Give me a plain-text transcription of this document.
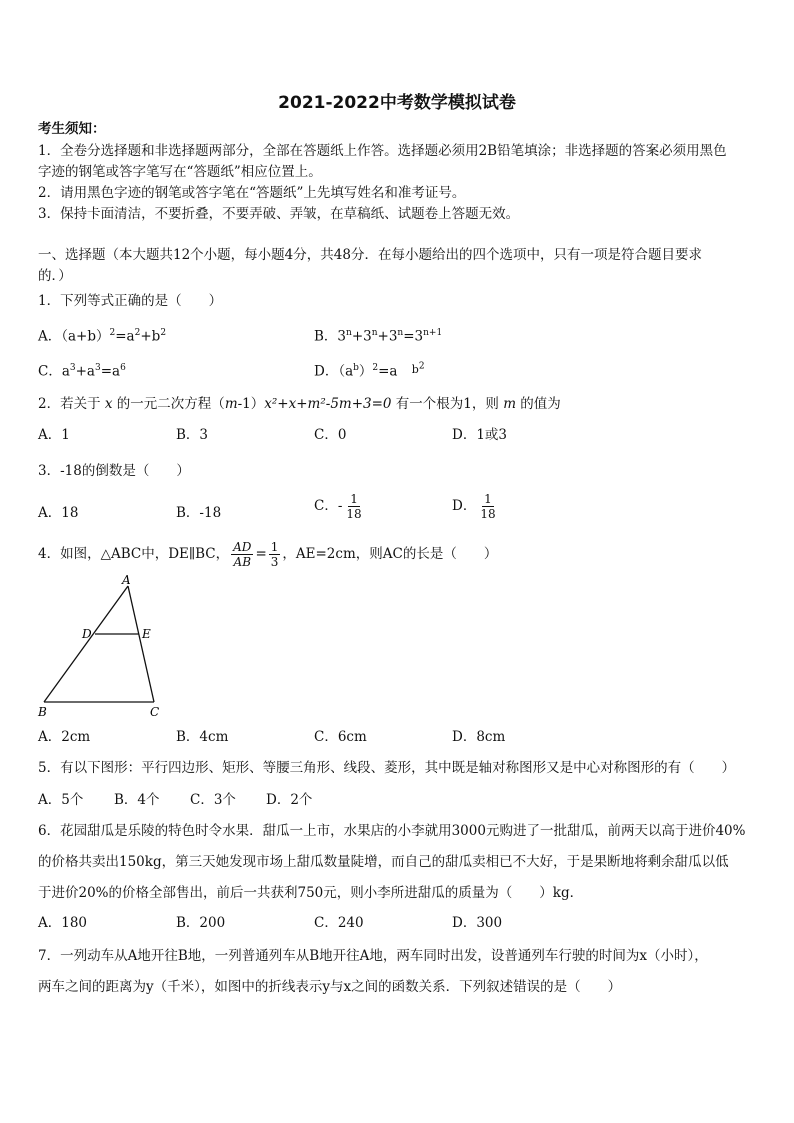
2021-2022中考数学模拟试卷
考生须知：
1．全卷分选择题和非选择题两部分，全部在答题纸上作答。选择题必须用2B铅笔填涂；非选择题的答案必须用黑色
字迹的钢笔或答字笔写在“答题纸”相应位置上。
2．请用黑色字迹的钢笔或答字笔在“答题纸”上先填写姓名和准考证号。
3．保持卡面清洁，不要折叠，不要弄破、弄皱，在草稿纸、试题卷上答题无效。
一、选择题（本大题共12个小题，每小题4分，共48分．在每小题给出的四个选项中，只有一项是符合题目要求
的．）
1．下列等式正确的是（　　）
A．$(a+b)^2=a^2+b^2$	B．$3^n+3^n+3^n=3^{n+1}$
C．$a^3+a^3=a^6$	D．$(a^b)^2=a$ $^{b^2}$
2．若关于 x 的一元二次方程（m-1）x²+x+m²-5m+3=0 有一个根为1，则 m 的值为
A．1	B．3	C．0	D．1或3
3．-18的倒数是（　　）
A．18	B．-18	C．- $\frac{1}{18}$	D． $\frac{1}{18}$
4．如图，△ABC中，DE∥BC， $\frac{AD}{AB} = \frac{1}{3}$ ，AE=2cm，则AC的长是（　　）
A
D	E
B	C
A．2cm	B．4cm	C．6cm	D．8cm
5．有以下图形：平行四边形、矩形、等腰三角形、线段、菱形，其中既是轴对称图形又是中心对称图形的有（　　）
A．5个 B．4个 C．3个 D．2个
6．花园甜瓜是乐陵的特色时令水果．甜瓜一上市，水果店的小李就用3000元购进了一批甜瓜，前两天以高于进价40%
的价格共卖出150kg，第三天她发现市场上甜瓜数量陡增，而自己的甜瓜卖相已不大好，于是果断地将剩余甜瓜以低
于进价20%的价格全部售出，前后一共获利750元，则小李所进甜瓜的质量为（　　）kg．
A．180	B．200	C．240	D．300
7．一列动车从A地开往B地，一列普通列车从B地开往A地，两车同时出发，设普通列车行驶的时间为x（小时），
两车之间的距离为y（千米），如图中的折线表示y与x之间的函数关系．下列叙述错误的是（　　）
